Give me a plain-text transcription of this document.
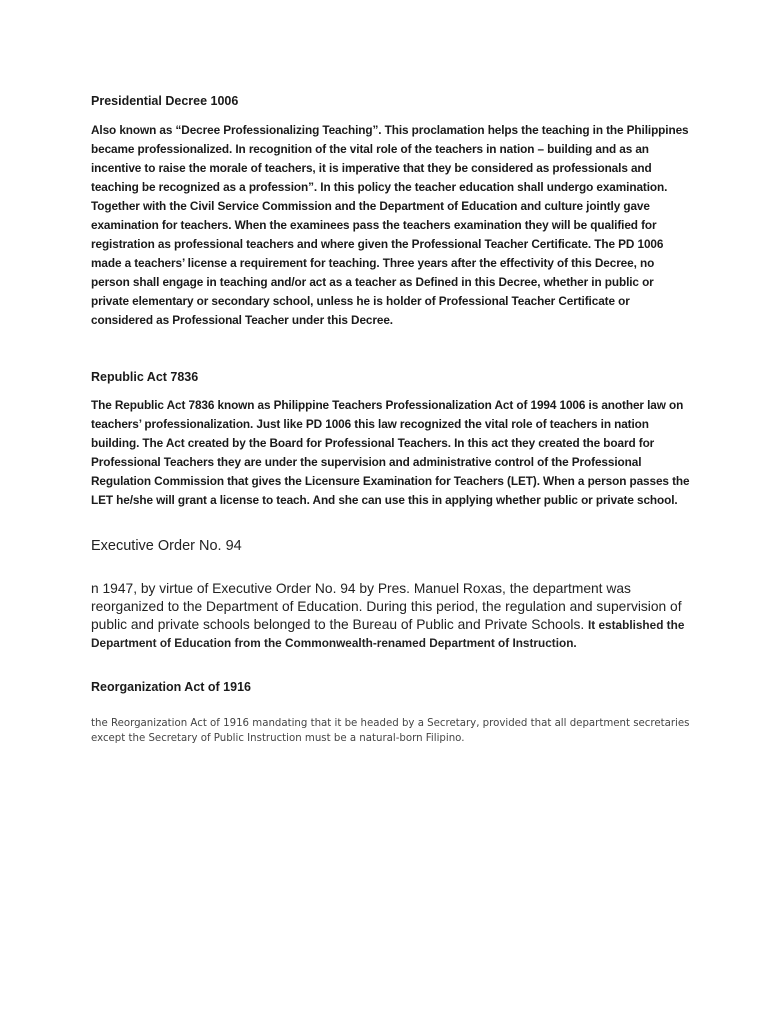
Presidential Decree 1006

Also known as “Decree Professionalizing Teaching”. This proclamation helps the teaching in the Philippines became professionalized. In recognition of the vital role of the teachers in nation – building and as an incentive to raise the morale of teachers, it is imperative that they be considered as professionals and teaching be recognized as a profession”. In this policy the teacher education shall undergo examination. Together with the Civil Service Commission and the Department of Education and culture jointly gave examination for teachers. When the examinees pass the teachers examination they will be qualified for registration as professional teachers and where given the Professional Teacher Certificate. The PD 1006 made a teachers’ license a requirement for teaching. Three years after the effectivity of this Decree, no person shall engage in teaching and/or act as a teacher as Defined in this Decree, whether in public or private elementary or secondary school, unless he is holder of Professional Teacher Certificate or considered as Professional Teacher under this Decree.

Republic Act 7836

The Republic Act 7836 known as Philippine Teachers Professionalization Act of 1994 1006 is another law on teachers’ professionalization. Just like PD 1006 this law recognized the vital role of teachers in nation building. The Act created by the Board for Professional Teachers. In this act they created the board for Professional Teachers they are under the supervision and administrative control of the Professional Regulation Commission that gives the Licensure Examination for Teachers (LET). When a person passes the LET he/she will grant a license to teach. And she can use this in applying whether public or private school.

Executive Order No. 94

n 1947, by virtue of Executive Order No. 94 by Pres. Manuel Roxas, the department was reorganized to the Department of Education. During this period, the regulation and supervision of public and private schools belonged to the Bureau of Public and Private Schools. It established the Department of Education from the Commonwealth-renamed Department of Instruction.

Reorganization Act of 1916

the Reorganization Act of 1916 mandating that it be headed by a Secretary, provided that all department secretaries except the Secretary of Public Instruction must be a natural-born Filipino.
